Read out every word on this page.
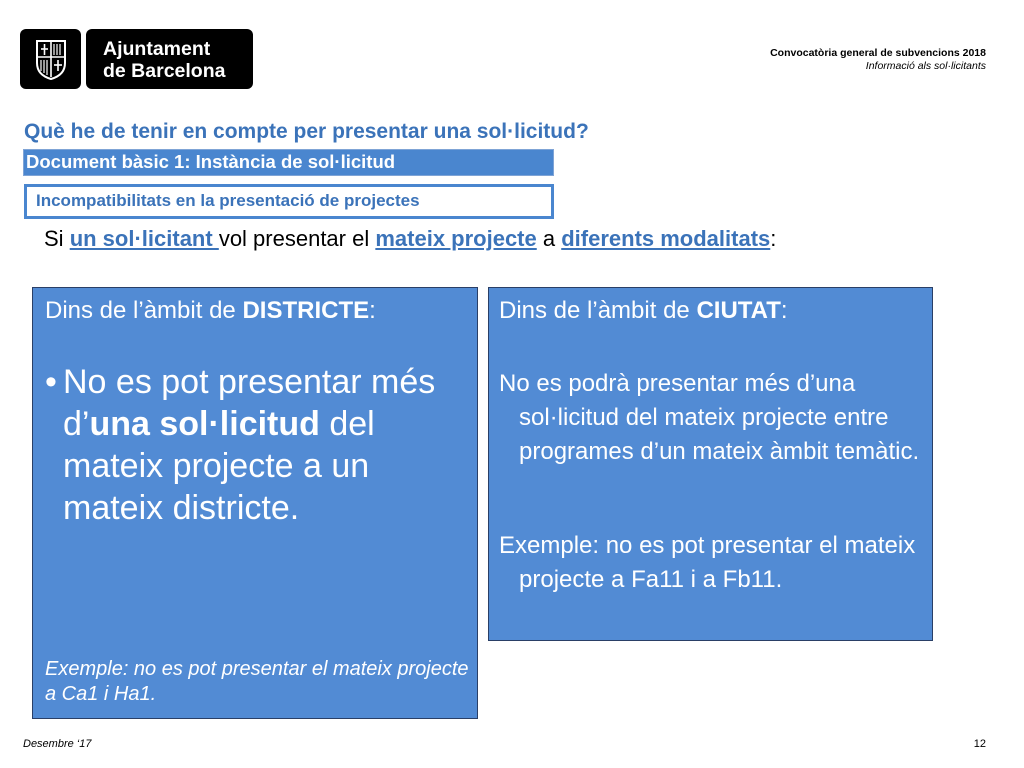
Ajuntament
de Barcelona
Convocatòria general de subvencions 2018
Informació als sol·licitants
Què he de tenir en compte per presentar una sol·licitud?
Document bàsic 1: Instància de sol·licitud
Incompatibilitats en la presentació de projectes
Si un sol·licitant vol presentar el mateix projecte a diferents modalitats:
Dins de l’àmbit de DISTRICTE:
• No es pot presentar més d’una sol·licitud del mateix projecte a un mateix districte.
Exemple: no es pot presentar el mateix projecte a Ca1 i Ha1.
Dins de l’àmbit de CIUTAT:
No es podrà presentar més d’una sol·licitud del mateix projecte entre programes d’un mateix àmbit temàtic.
Exemple: no es pot presentar el mateix projecte a Fa11 i a Fb11.
Desembre ‘17	12
